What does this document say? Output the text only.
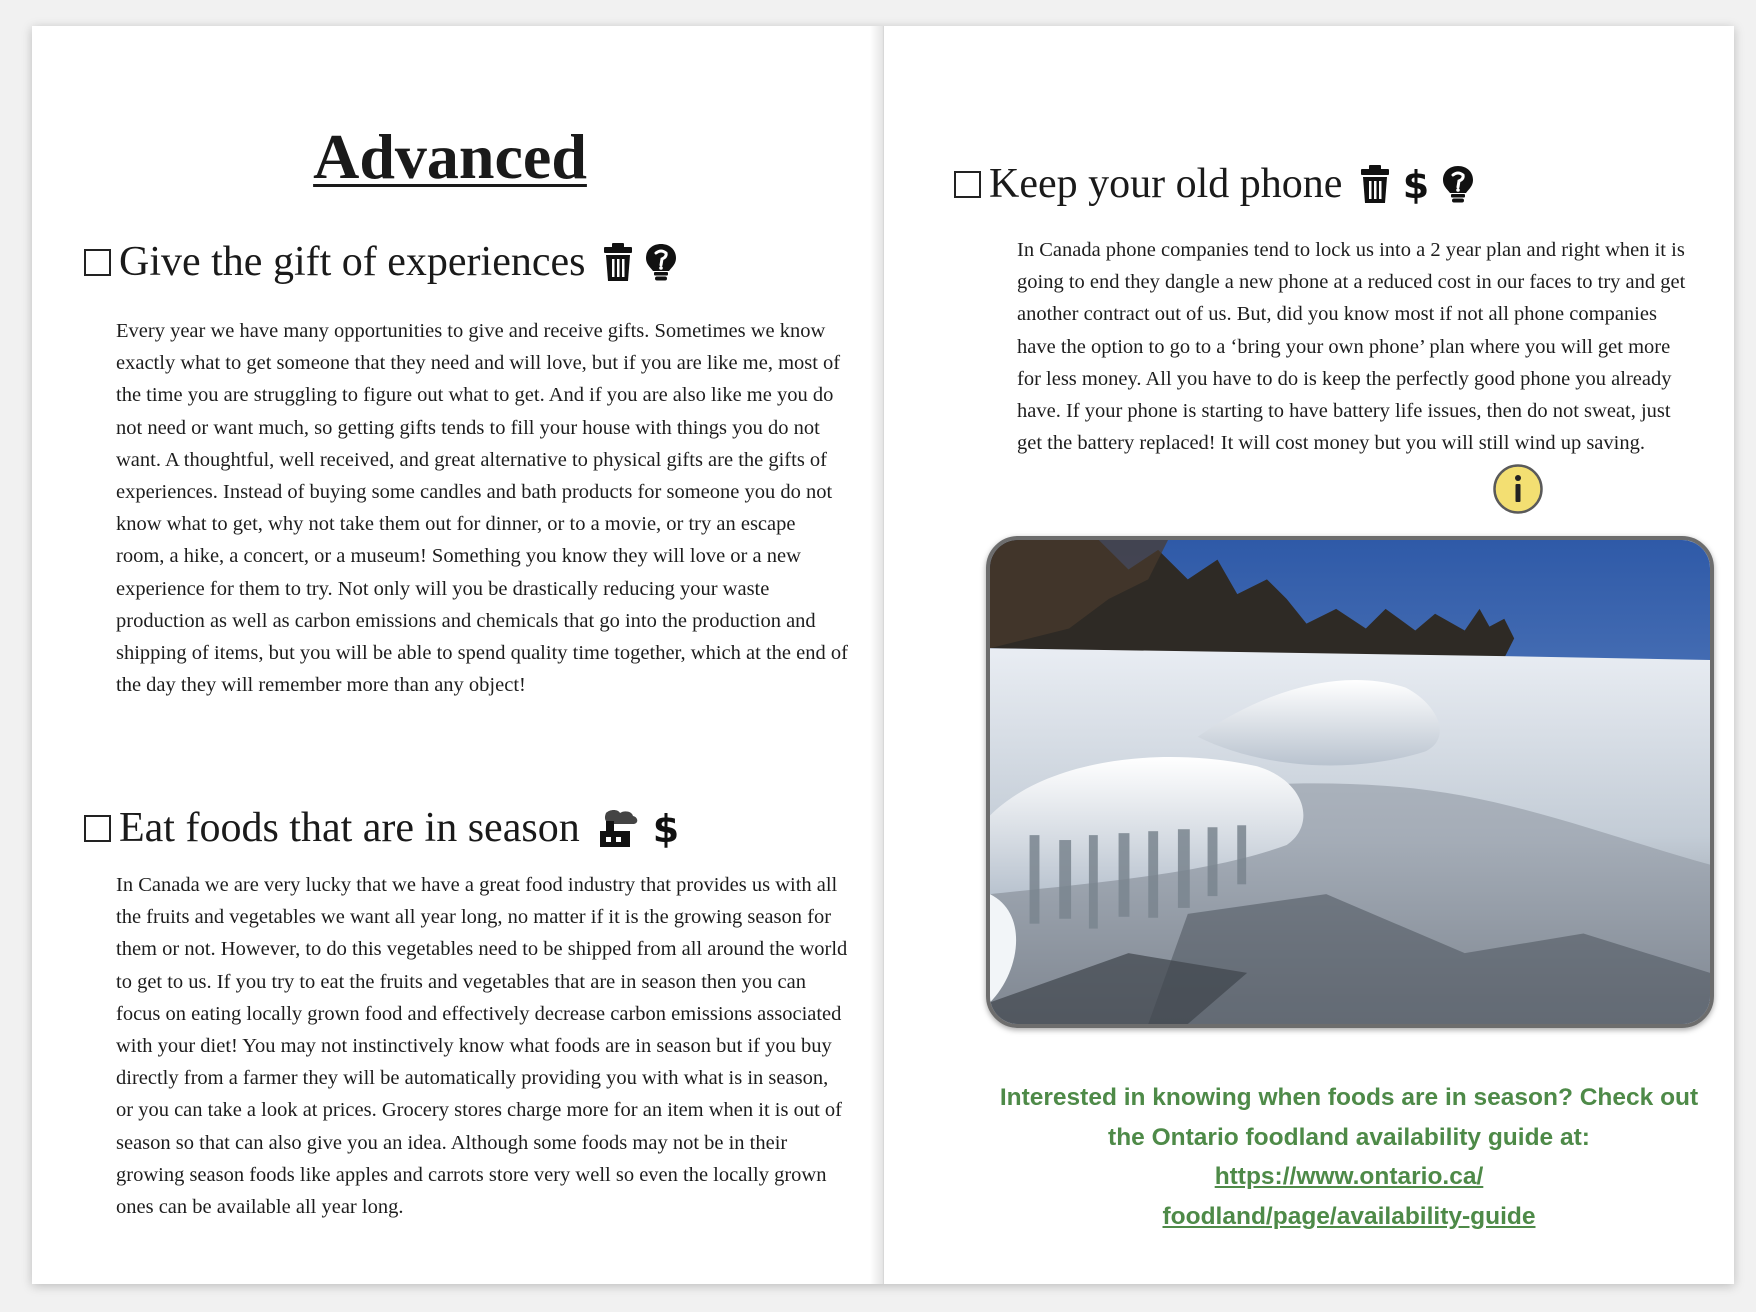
Advanced
Give the gift of experiences

Every year we have many opportunities to give and receive gifts. Sometimes we know exactly what to get someone that they need and will love, but if you are like me, most of the time you are struggling to figure out what to get. And if you are also like me you do not need or want much, so getting gifts tends to fill your house with things you do not want. A thoughtful, well received, and great alternative to physical gifts are the gifts of experiences. Instead of buying some candles and bath products for someone you do not know what to get, why not take them out for dinner, or to a movie, or try an escape room, a hike, a concert, or a museum! Something you know they will love or a new experience for them to try. Not only will you be drastically reducing your waste production as well as carbon emissions and chemicals that go into the production and shipping of items, but you will be able to spend quality time together, which at the end of the day they will remember more than any object!

Eat foods that are in season $

In Canada we are very lucky that we have a great food industry that provides us with all the fruits and vegetables we want all year long, no matter if it is the growing season for them or not. However, to do this vegetables need to be shipped from all around the world to get to us. If you try to eat the fruits and vegetables that are in season then you can focus on eating locally grown food and effectively decrease carbon emissions associated with your diet! You may not instinctively know what foods are in season but if you buy directly from a farmer they will be automatically providing you with what is in season, or you can take a look at prices. Grocery stores charge more for an item when it is out of season so that can also give you an idea. Although some foods may not be in their growing season foods like apples and carrots store very well so even the locally grown ones can be available all year long.

Keep your old phone $

In Canada phone companies tend to lock us into a 2 year plan and right when it is going to end they dangle a new phone at a reduced cost in our faces to try and get another contract out of us. But, did you know most if not all phone companies have the option to go to a ‘bring your own phone’ plan where you will get more for less money. All you have to do is keep the perfectly good phone you already have. If your phone is starting to have battery life issues, then do not sweat, just get the battery replaced! It will cost money but you will still wind up saving.

Interested in knowing when foods are in season? Check out the Ontario foodland availability guide at: https://www.ontario.ca/
foodland/page/availability-guide
